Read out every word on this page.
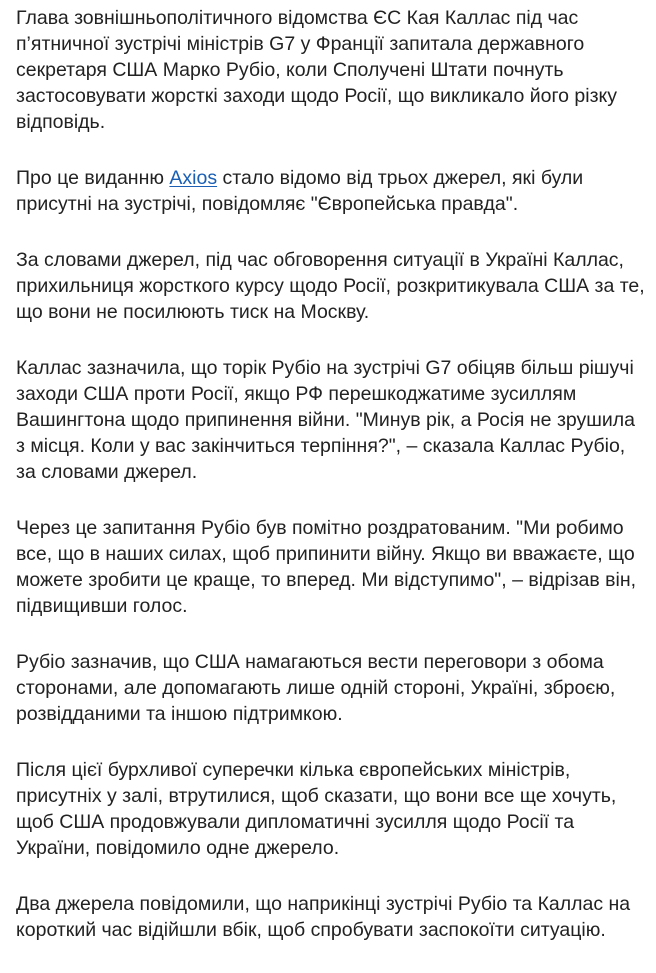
Глава зовнішньополітичного відомства ЄС Кая Каллас під час п’ятничної зустрічі міністрів G7 у Франції запитала державного секретаря США Марко Рубіо, коли Сполучені Штати почнуть застосовувати жорсткі заходи щодо Росії, що викликало його різку відповідь.

Про це виданню Axios стало відомо від трьох джерел, які були присутні на зустрічі, повідомляє "Європейська правда".

За словами джерел, під час обговорення ситуації в Україні Каллас, прихильниця жорсткого курсу щодо Росії, розкритикувала США за те, що вони не посилюють тиск на Москву.

Каллас зазначила, що торік Рубіо на зустрічі G7 обіцяв більш рішучі заходи США проти Росії, якщо РФ перешкоджатиме зусиллям Вашингтона щодо припинення війни. "Минув рік, а Росія не зрушила з місця. Коли у вас закінчиться терпіння?", – сказала Каллас Рубіо, за словами джерел.

Через це запитання Рубіо був помітно роздратованим. "Ми робимо все, що в наших силах, щоб припинити війну. Якщо ви вважаєте, що можете зробити це краще, то вперед. Ми відступимо", – відрізав він, підвищивши голос.

Рубіо зазначив, що США намагаються вести переговори з обома сторонами, але допомагають лише одній стороні, Україні, зброєю, розвідданими та іншою підтримкою.

Після цієї бурхливої суперечки кілька європейських міністрів, присутніх у залі, втрутилися, щоб сказати, що вони все ще хочуть, щоб США продовжували дипломатичні зусилля щодо Росії та України, повідомило одне джерело.

Два джерела повідомили, що наприкінці зустрічі Рубіо та Каллас на короткий час відійшли вбік, щоб спробувати заспокоїти ситуацію.
